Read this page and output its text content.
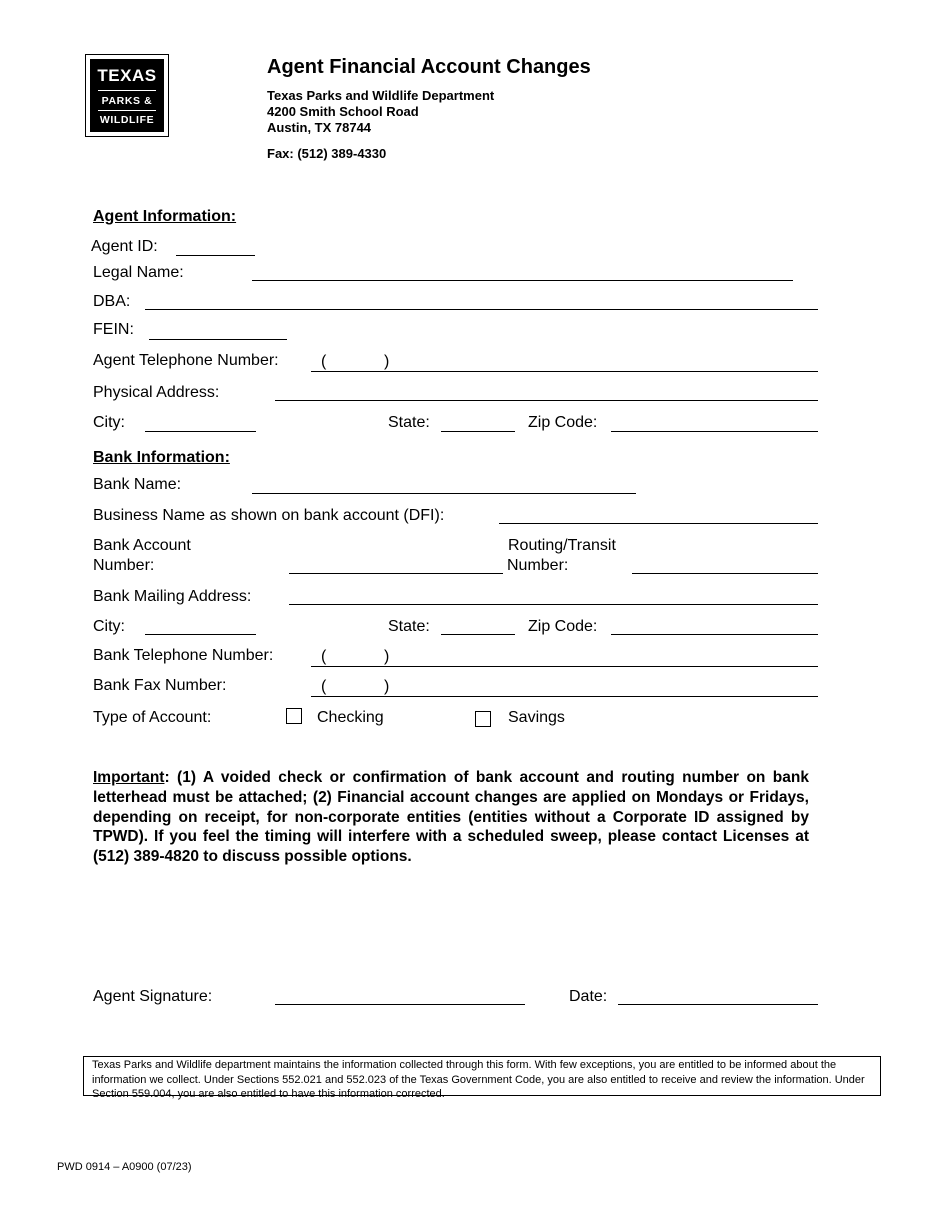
TEXAS
PARKS &
WILDLIFE
Agent Financial Account Changes
Texas Parks and Wildlife Department
4200 Smith School Road
Austin, TX 78744
Fax: (512) 389-4330
Agent Information:
Agent ID:
Legal Name:
DBA:
FEIN:
Agent Telephone Number:	(	)
Physical Address:
City:	State:	Zip Code:
Bank Information:
Bank Name:
Business Name as shown on bank account (DFI):
Bank Account
Number:
Routing/Transit
Number:
Bank Mailing Address:
City:	State:	Zip Code:
Bank Telephone Number:	(	)
Bank Fax Number:	(	)
Type of Account:	Checking	Savings
Important: (1) A voided check or confirmation of bank account and routing number on bank letterhead must be attached; (2) Financial account changes are applied on Mondays or Fridays, depending on receipt, for non-corporate entities (entities without a Corporate ID assigned by TPWD). If you feel the timing will interfere with a scheduled sweep, please contact Licenses at (512) 389-4820 to discuss possible options.
Agent Signature:	Date:
Texas Parks and Wildlife department maintains the information collected through this form. With few exceptions, you are entitled to be informed about the information we collect. Under Sections 552.021 and 552.023 of the Texas Government Code, you are also entitled to receive and review the information. Under Section 559.004, you are also entitled to have this information corrected.
PWD 0914 – A0900 (07/23)
